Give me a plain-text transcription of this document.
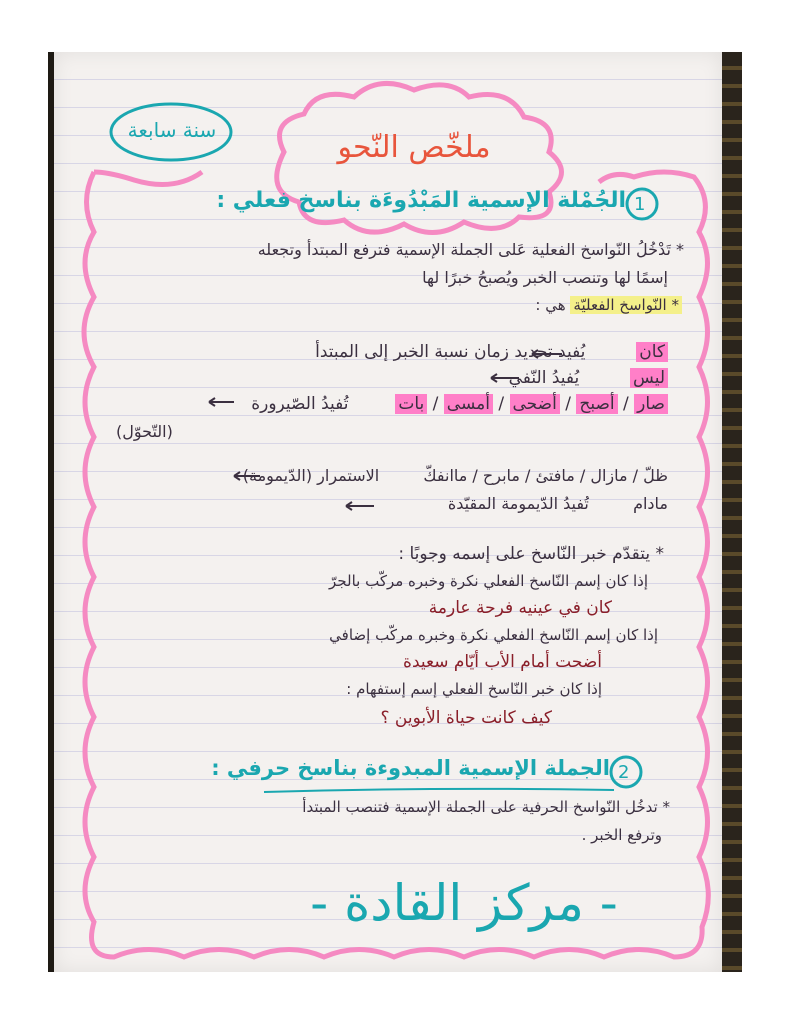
ملخّص النّحو
سنة سابعة
1
الجُمْلة الإسمية المَبْدُوءَة بناسخ فعلي :
* تَدْخُلُ النّواسخ الفعلية عَلى الجملة الإسمية فترفع المبتدأ وتجعله
إسمًا لها وتنصب الخبر ويُصبحُ خبرًا لها
* النّواسخ الفعليّة هي :
كان  يُفيد تحديد زمان نسبة الخبر إلى المبتدأ
ليس  يُفيدُ النّفي
صار / أصبح / أضحى / أمسى / بات  تُفيدُ الصّيرورة
(التّحوّل)
ظلّ / مازال / مافتئ / مابرح / ماانفكّ  الاستمرار (الدّيمومة)
مادام  تُفيدُ الدّيمومة المقيّدة
* يتقدّم خبر النّاسخ على إسمه وجوبًا :
إذا كان إسم النّاسخ الفعلي نكرة وخبره مركّب بالجرّ
كان في عينيه فرحة عارمة
إذا كان إسم النّاسخ الفعلي نكرة وخبره مركّب إضافي
أضحت أمام الأب أيّام سعيدة
إذا كان خبر النّاسخ الفعلي إسم إستفهام :
كيف كانت حياة الأبوين ؟
2
الجملة الإسمية المبدوءة بناسخ حرفي :
* تدخُل النّواسخ الحرفية على الجملة الإسمية فتنصب المبتدأ
وترفع الخبر .
- مركز القادة -
